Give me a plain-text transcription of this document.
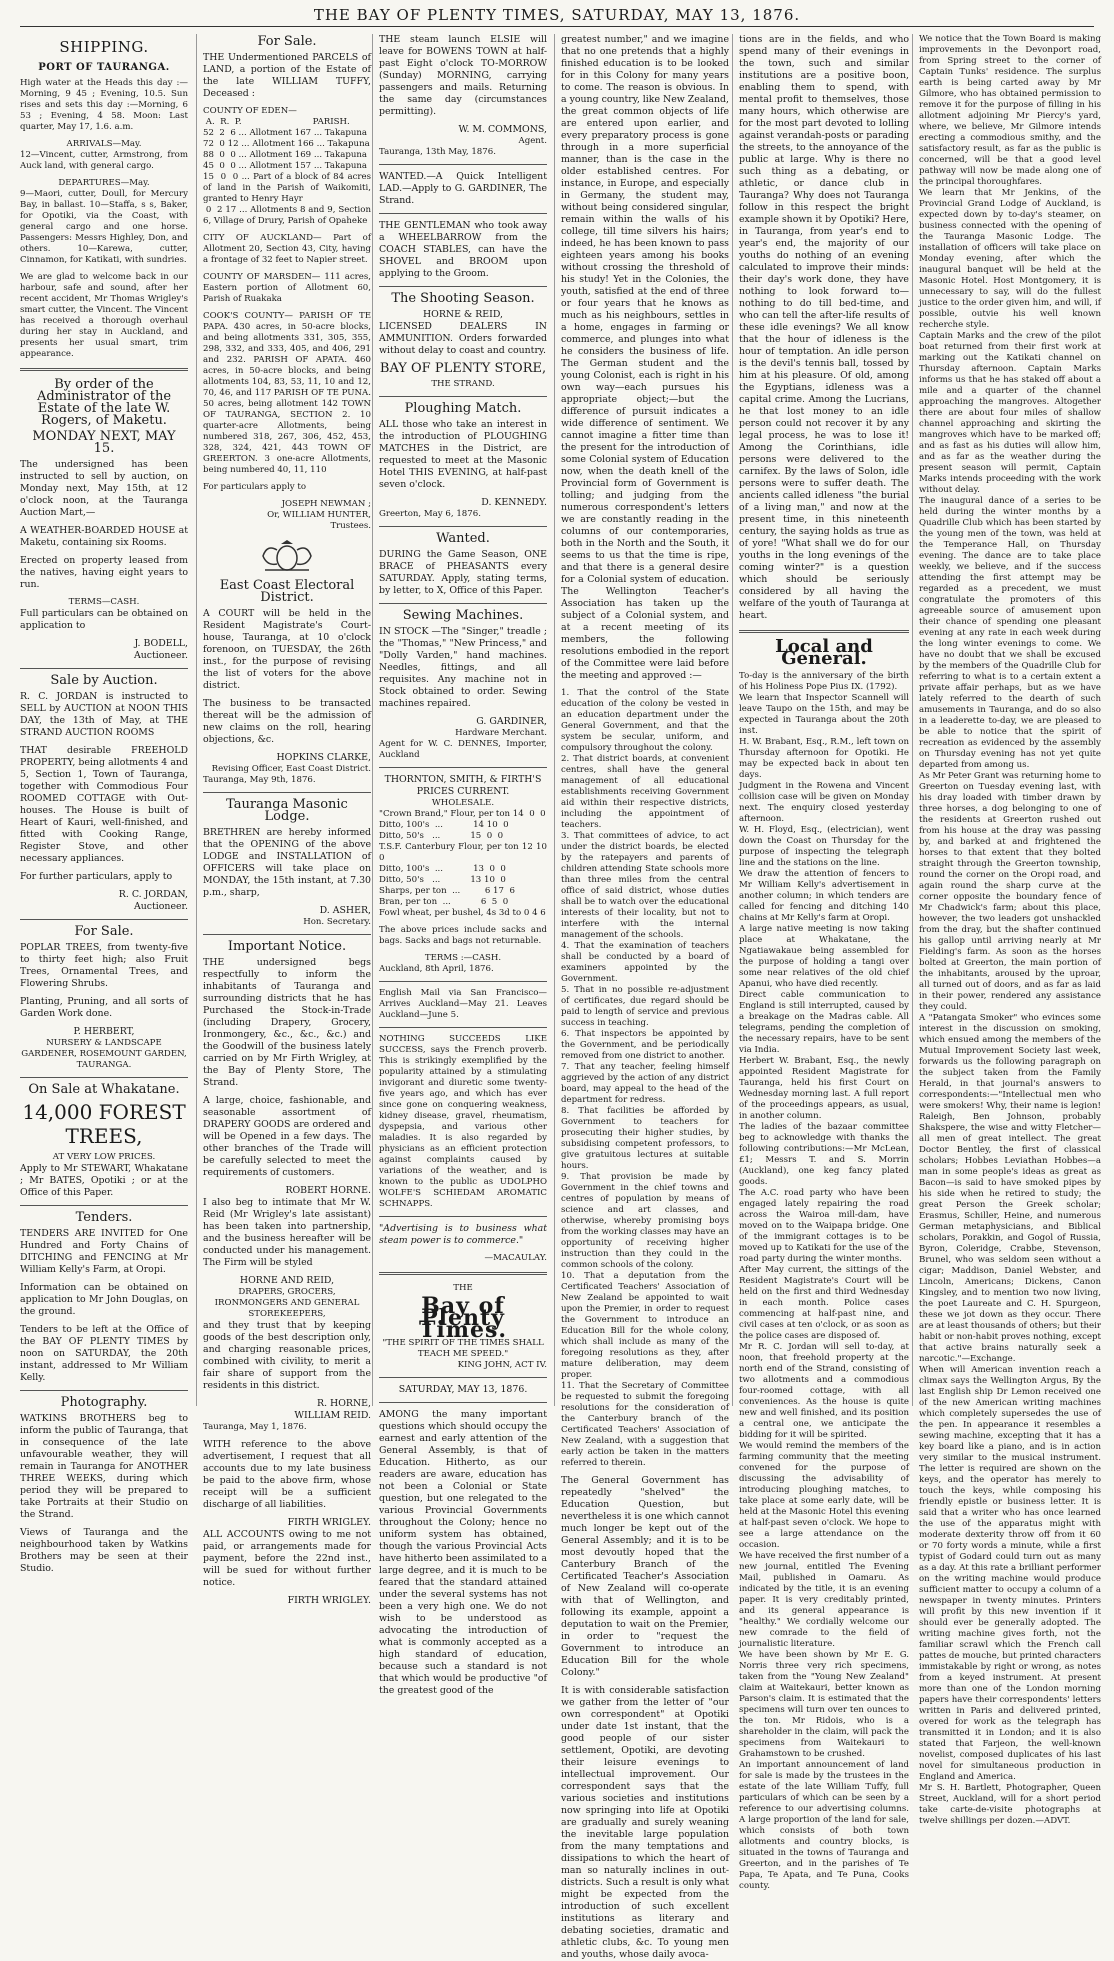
THE BAY OF PLENTY TIMES, SATURDAY, MAY 13, 1876.
SHIPPING.
PORT OF TAURANGA.

High water at the Heads this day :— Morning, 9 45 ; Evening, 10.5. Sun rises and sets this day :—Morning, 6 53 ; Evening, 4 58. Moon: Last quarter, May 17, 1.6. a.m.

ARRIVALS—May.

12—Vincent, cutter, Armstrong, from Auck land, with general cargo.

DEPARTURES—May.

9—Maori, cutter, Doull, for Mercury Bay, in ballast. 10—Staffa, s s, Baker, for Opotiki, via the Coast, with general cargo and one horse. Passengers: Messrs Highley, Don, and others. 10—Karewa, cutter, Cinnamon, for Katikati, with sundries.

We are glad to welcome back in our harbour, safe and sound, after her recent accident, Mr Thomas Wrigley's smart cutter, the Vincent. The Vincent has received a thorough overhaul during her stay in Auckland, and presents her usual smart, trim appearance.

By order of the Administrator of the Estate of the late W. Rogers, of Maketu.
MONDAY NEXT, MAY 15.

The undersigned has been instructed to sell by auction, on Monday next, May 15th, at 12 o'clock noon, at the Tauranga Auction Mart,—

A WEATHER-BOARDED HOUSE at Maketu, containing six Rooms.

Erected on property leased from the natives, having eight years to run.

TERMS—CASH.

Full particulars can be obtained on application to

J. BODELL,
Auctioneer.
Sale by Auction.

R. C. JORDAN is instructed to SELL by AUCTION at NOON THIS DAY, the 13th of May, at THE STRAND AUCTION ROOMS

THAT desirable FREEHOLD PROPERTY, being allotments 4 and 5, Section 1, Town of Tauranga, together with Commodious Four ROOMED COTTAGE with Out-houses. The House is built of Heart of Kauri, well-finished, and fitted with Cooking Range, Register Stove, and other necessary appliances.

For further particulars, apply to

R. C. JORDAN,
Auctioneer.
For Sale.

POPLAR TREES, from twenty-five to thirty feet high; also Fruit Trees, Ornamental Trees, and Flowering Shrubs.

Planting, Pruning, and all sorts of Garden Work done.

P. HERBERT,
NURSERY & LANDSCAPE GARDENER, ROSEMOUNT GARDEN, TAURANGA.
On Sale at Whakatane.
14,000 FOREST TREES,
AT VERY LOW PRICES.

Apply to Mr STEWART, Whakatane ; Mr BATES, Opotiki ; or at the Office of this Paper.

Tenders.

TENDERS ARE INVITED for One Hundred and Forty Chains of DITCHING and FENCING at Mr William Kelly's Farm, at Oropi.

Information can be obtained on application to Mr John Douglas, on the ground.

Tenders to be left at the Office of the BAY OF PLENTY TIMES by noon on SATURDAY, the 20th instant, addressed to Mr William Kelly.

Photography.

WATKINS BROTHERS beg to inform the public of Tauranga, that in consequence of the late unfavourable weather, they will remain in Tauranga for ANOTHER THREE WEEKS, during which period they will be prepared to take Portraits at their Studio on the Strand.

Views of Tauranga and the neighbourhood taken by Watkins Brothers may be seen at their Studio.

For Sale.

THE Undermentioned PARCELS of LAND, a portion of the Estate of the late WILLIAM TUFFY, Deceased :

COUNTY OF EDEN—
A.  R.  P.                          PARISH.
52  2  6 ... Allotment 167 ... Takapuna
72  0 12 ... Allotment 166 ... Takapuna
88  0  0 ... Allotment 169 ... Takapuna
45  0  0 ... Allotment 157 ... Takapuna
15  0  0 ... Part of a block of 84 acres of land in the Parish of Waikomiti, granted to Henry Hayr
0  2 17 ... Allotments 8 and 9, Section 6, Village of Drury, Parish of Opaheke

CITY OF AUCKLAND— Part of Allotment 20, Section 43, City, having a frontage of 32 feet to Napier street.

COUNTY OF MARSDEN— 111 acres, Eastern portion of Allotment 60, Parish of Ruakaka

COOK'S COUNTY— PARISH OF TE PAPA. 430 acres, in 50-acre blocks, and being allotments 331, 305, 355, 298, 332, and 333, 405, and 406, 291 and 232. PARISH OF APATA. 460 acres, in 50-acre blocks, and being allotments 104, 83, 53, 11, 10 and 12, 70, 46, and 117 PARISH OF TE PUNA. 50 acres, being allotment 142 TOWN OF TAURANGA, SECTION 2. 10 quarter-acre Allotments, being numbered 318, 267, 306, 452, 453, 328, 324, 421, 443 TOWN OF GREERTON. 3 one-acre Allotments, being numbered 40, 11, 110

For particulars apply to

JOSEPH NEWMAN ;
Or, WILLIAM HUNTER,
Trustees.
East Coast Electoral District.

A COURT will be held in the Resident Magistrate's Court-house, Tauranga, at 10 o'clock forenoon, on TUESDAY, the 26th inst., for the purpose of revising the list of voters for the above district.

The business to be transacted thereat will be the admission of new claims on the roll, hearing objections, &c.

HOPKINS CLARKE,
Revising Officer, East Coast District.

Tauranga, May 9th, 1876.

Tauranga Masonic Lodge.

BRETHREN are hereby informed that the OPENING of the above LODGE and INSTALLATION of OFFICERS will take place on MONDAY, the 15th instant, at 7.30 p.m., sharp,

D. ASHER,
Hon. Secretary.
Important Notice.

THE undersigned begs respectfully to inform the inhabitants of Tauranga and surrounding districts that he has Purchased the Stock-in-Trade (including Drapery, Grocery, Ironmongery, &c., &c., &c.) and the Goodwill of the business lately carried on by Mr Firth Wrigley, at the Bay of Plenty Store, The Strand.

A large, choice, fashionable, and seasonable assortment of DRAPERY GOODS are ordered and will be Opened in a few days. The other branches of the Trade will be carefully selected to meet the requirements of customers.

ROBERT HORNE.

I also beg to intimate that Mr W. Reid (Mr Wrigley's late assistant) has been taken into partnership, and the business hereafter will be conducted under his management. The Firm will be styled

HORNE AND REID,
DRAPERS, GROCERS, IRONMONGERS AND GENERAL STOREKEEPERS,

and they trust that by keeping goods of the best description only, and charging reasonable prices, combined with civility, to merit a fair share of support from the residents in this district.

R. HORNE,
WILLIAM REID.

Tauranga, May 1, 1876.

WITH reference to the above advertisement, I request that all accounts due to my late business be paid to the above firm, whose receipt will be a sufficient discharge of all liabilities.

FIRTH WRIGLEY.

ALL ACCOUNTS owing to me not paid, or arrangements made for payment, before the 22nd inst., will be sued for without further notice.

FIRTH WRIGLEY.

THE steam launch ELSIE will leave for BOWENS TOWN at half-past Eight o'clock TO-MORROW (Sunday) MORNING, carrying passengers and mails. Returning the same day (circumstances permitting).

W. M. COMMONS,
Agent.

Tauranga, 13th May, 1876.

WANTED.—A Quick Intelligent LAD.—Apply to G. GARDINER, The Strand.

THE GENTLEMAN who took away a WHEELBARROW from the COACH STABLES, can have the SHOVEL and BROOM upon applying to the Groom.

The Shooting Season.
HORNE & REID,

LICENSED DEALERS IN AMMUNITION. Orders forwarded without delay to coast and country.

BAY OF PLENTY STORE,
THE STRAND.
Ploughing Match.

ALL those who take an interest in the introduction of PLOUGHING MATCHES in the District, are requested to meet at the Masonic Hotel THIS EVENING, at half-past seven o'clock.

D. KENNEDY.

Greerton, May 6, 1876.

Wanted.

DURING the Game Season, ONE BRACE of PHEASANTS every SATURDAY. Apply, stating terms, by letter, to X, Office of this Paper.

Sewing Machines.

IN STOCK —The "Singer," treadle ; the "Thomas," "New Princess," and "Dolly Varden," hand machines. Needles, fittings, and all requisites. Any machine not in Stock obtained to order. Sewing machines repaired.

G. GARDINER,
Hardware Merchant.

Agent for W. C. DENNES, Importer, Auckland

THORNTON, SMITH, & FIRTH'S PRICES CURRENT.
WHOLESALE.
"Crown Brand," Flour, per ton 14  0  0
Ditto, 100's  ...           14 10  0
Ditto, 50's   ...           15  0  0
T.S.F. Canterbury Flour, per ton 12 10 0
Ditto, 100's  ...           13  0  0
Ditto, 50's   ...           13 10  0
Sharps, per ton  ...         6 17  6
Bran, per ton  ...           6  5  0
Fowl wheat, per bushel, 4s 3d to 0 4 6

The above prices include sacks and bags. Sacks and bags not returnable.

TERMS :—CASH.

Auckland, 8th April, 1876.

English Mail via San Francisco— Arrives Auckland—May 21. Leaves Auckland—June 5.

NOTHING SUCCEEDS LIKE SUCCESS, says the French proverb. This is strikingly exemplified by the popularity attained by a stimulating invigorant and diuretic some twenty-five years ago, and which has ever since gone on conquering weakness, kidney disease, gravel, rheumatism, dyspepsia, and various other maladies. It is also regarded by physicians as an efficient protection against complaints caused by variations of the weather, and is known to the public as UDOLPHO WOLFE'S SCHIEDAM AROMATIC SCHNAPPS.

"Advertising is to business what steam power is to commerce."

—MACAULAY.
THE
Bay of Plenty Times.
"THE SPIRIT OF THE TIMES SHALL TEACH ME SPEED."
KING JOHN, ACT IV.
SATURDAY, MAY 13, 1876.

AMONG the many important questions which should occupy the earnest and early attention of the General Assembly, is that of Education. Hitherto, as our readers are aware, education has not been a Colonial or State question, but one relegated to the various Provincial Governments throughout the Colony; hence no uniform system has obtained, though the various Provincial Acts have hitherto been assimilated to a large degree, and it is much to be feared that the standard attained under the several systems has not been a very high one. We do not wish to be understood as advocating the introduction of what is commonly accepted as a high standard of education, because such a standard is not that which would be productive "of the greatest good of the

greatest number," and we imagine that no one pretends that a highly finished education is to be looked for in this Colony for many years to come. The reason is obvious. In a young country, like New Zealand, the great common objects of life are entered upon earlier, and every preparatory process is gone through in a more superficial manner, than is the case in the older established centres. For instance, in Europe, and especially in Germany, the student may, without being considered singular, remain within the walls of his college, till time silvers his hairs; indeed, he has been known to pass eighteen years among his books without crossing the threshold of his study! Yet in the Colonies, the youth, satisfied at the end of three or four years that he knows as much as his neighbours, settles in a home, engages in farming or commerce, and plunges into what he considers the business of life. The German student and the young Colonist, each is right in his own way—each pursues his appropriate object;—but the difference of pursuit indicates a wide difference of sentiment. We cannot imagine a fitter time than the present for the introduction of some Colonial system of Education now, when the death knell of the Provincial form of Government is tolling; and judging from the numerous correspondent's letters we are constantly reading in the columns of our contemporaries, both in the North and the South, it seems to us that the time is ripe, and that there is a general desire for a Colonial system of education. The Wellington Teacher's Association has taken up the subject of a Colonial system, and at a recent meeting of its members, the following resolutions embodied in the report of the Committee were laid before the meeting and approved :—

1. That the control of the State education of the colony be vested in an education department under the General Government, and that the system be secular, uniform, and compulsory throughout the colony.
2. That district boards, at convenient centres, shall have the general management of all educational establishments receiving Government aid within their respective districts, including the appointment of teachers.
3. That committees of advice, to act under the district boards, be elected by the ratepayers and parents of children attending State schools more than three miles from the central office of said district, whose duties shall be to watch over the educational interests of their locality, but not to interfere with the internal management of the schools.
4. That the examination of teachers shall be conducted by a board of examiners appointed by the Government.
5. That in no possible re-adjustment of certificates, due regard should be paid to length of service and previous success in teaching.
6. That inspectors be appointed by the Government, and be periodically removed from one district to another.
7. That any teacher, feeling himself aggrieved by the action of any district board, may appeal to the head of the department for redress.
8. That facilities be afforded by Government to teachers for prosecuting their higher studies, by subsidising competent professors, to give gratuitous lectures at suitable hours.
9. That provision be made by Government in the chief towns and centres of population by means of science and art classes, and otherwise, whereby promising boys from the working classes may have an opportunity of receiving higher instruction than they could in the common schools of the colony.
10. That a deputation from the Certificated Teachers' Association of New Zealand be appointed to wait upon the Premier, in order to request the Government to introduce an Education Bill for the whole colony, which shall include as many of the foregoing resolutions as they, after mature deliberation, may deem proper.
11. That the Secretary of Committee be requested to submit the foregoing resolutions for the consideration of the Canterbury branch of the Certificated Teachers' Association of New Zealand, with a suggestion that early action be taken in the matters referred to therein.

The General Government has repeatedly "shelved" the Education Question, but nevertheless it is one which cannot much longer be kept out of the General Assembly; and it is to be most devoutly hoped that the Canterbury Branch of the Certificated Teacher's Association of New Zealand will co-operate with that of Wellington, and following its example, appoint a deputation to wait on the Premier, in order to "request the Government to introduce an Education Bill for the whole Colony."

It is with considerable satisfaction we gather from the letter of "our own correspondent" at Opotiki under date 1st instant, that the good people of our sister settlement, Opotiki, are devoting their leisure evenings to intellectual improvement. Our correspondent says that the various societies and institutions now springing into life at Opotiki are gradually and surely weaning the inevitable large population from the many temptations and dissipations to which the heart of man so naturally inclines in out-districts. Such a result is only what might be expected from the introduction of such excellent institutions as literary and debating societies, dramatic and athletic clubs, &c. To young men and youths, whose daily avoca-

tions are in the fields, and who spend many of their evenings in the town, such and similar institutions are a positive boon, enabling them to spend, with mental profit to themselves, those many hours, which otherwise are for the most part devoted to lolling against verandah-posts or parading the streets, to the annoyance of the public at large. Why is there no such thing as a debating, or athletic, or dance club in Tauranga? Why does not Tauranga follow in this respect the bright example shown it by Opotiki? Here, in Tauranga, from year's end to year's end, the majority of our youths do nothing of an evening calculated to improve their minds: their day's work done, they have nothing to look forward to—nothing to do till bed-time, and who can tell the after-life results of these idle evenings? We all know that the hour of idleness is the hour of temptation. An idle person is the devil's tennis ball, tossed by him at his pleasure. Of old, among the Egyptians, idleness was a capital crime. Among the Lucrians, he that lost money to an idle person could not recover it by any legal process, he was to lose it! Among the Corinthians, idle persons were delivered to the carnifex. By the laws of Solon, idle persons were to suffer death. The ancients called idleness "the burial of a living man," and now at the present time, in this nineteenth century, the saying holds as true as of yore! "What shall we do for our youths in the long evenings of the coming winter?" is a question which should be seriously considered by all having the welfare of the youth of Tauranga at heart.

Local and General.
To-day is the anniversary of the birth of his Holiness Pope Pius IX. (1792).
We learn that Inspector Scannell will leave Taupo on the 15th, and may be expected in Tauranga about the 20th inst.
H. W. Brabant, Esq., R.M., left town on Thursday afternoon for Opotiki. He may be expected back in about ten days.
Judgment in the Rowena and Vincent collision case will be given on Monday next. The enquiry closed yesterday afternoon.
W. H. Floyd, Esq., (electrician), went down the Coast on Thursday for the purpose of inspecting the telegraph line and the stations on the line.
We draw the attention of fencers to Mr William Kelly's advertisement in another column; in which tenders are called for fencing and ditching 140 chains at Mr Kelly's farm at Oropi.
A large native meeting is now taking place at Whakatane, the Ngatiawakaue being assembled for the purpose of holding a tangi over some near relatives of the old chief Apanui, who have died recently.
Direct cable communication to England is still interrupted, caused by a breakage on the Madras cable. All telegrams, pending the completion of the necessary repairs, have to be sent via India.
Herbert W. Brabant, Esq., the newly appointed Resident Magistrate for Tauranga, held his first Court on Wednesday morning last. A full report of the proceedings appears, as usual, in another column.
The ladies of the bazaar committee beg to acknowledge with thanks the following contributions:—Mr McLean, £1; Messrs T. and S. Morrin (Auckland), one keg fancy plated goods.
The A.C. road party who have been engaged lately repairing the road across the Wairoa mill-dam, have moved on to the Waipapa bridge. One of the immigrant cottages is to be moved up to Katikati for the use of the road party during the winter months.
After May current, the sittings of the Resident Magistrate's Court will be held on the first and third Wednesday in each month. Police cases commencing at half-past nine, and civil cases at ten o'clock, or as soon as the police cases are disposed of.
Mr R. C. Jordan will sell to-day, at noon, that freehold property at the north end of the Strand, consisting of two allotments and a commodious four-roomed cottage, with all conveniences. As the house is quite new and well finished, and its position a central one, we anticipate the bidding for it will be spirited.
We would remind the members of the farming community that the meeting convened for the purpose of discussing the advisability of introducing ploughing matches, to take place at some early date, will be held at the Masonic Hotel this evening at half-past seven o'clock. We hope to see a large attendance on the occasion.
We have received the first number of a new journal, entitled The Evening Mail, published in Oamaru. As indicated by the title, it is an evening paper. It is very creditably printed, and its general appearance is "healthy." We cordially welcome our new comrade to the field of journalistic literature.
We have been shown by Mr E. G. Norris three very rich specimens, taken from the "Young New Zealand" claim at Waitekauri, better known as Parson's claim. It is estimated that the specimens will turn over ten ounces to the ton. Mr Ridois, who is a shareholder in the claim, will pack the specimens from Waitekauri to Grahamstown to be crushed.
An important announcement of land for sale is made by the trustees in the estate of the late William Tuffy, full particulars of which can be seen by a reference to our advertising columns. A large proportion of the land for sale, which consists of both town allotments and country blocks, is situated in the towns of Tauranga and Greerton, and in the parishes of Te Papa, Te Apata, and Te Puna, Cooks county.
We notice that the Town Board is making improvements in the Devonport road, from Spring street to the corner of Captain Tunks' residence. The surplus earth is being carted away by Mr Gilmore, who has obtained permission to remove it for the purpose of filling in his allotment adjoining Mr Piercy's yard, where, we believe, Mr Gilmore intends erecting a commodious smithy, and the satisfactory result, as far as the public is concerned, will be that a good level pathway will now be made along one of the principal thoroughfares.
We learn that Mr Jenkins, of the Provincial Grand Lodge of Auckland, is expected down by to-day's steamer, on business connected with the opening of the Tauranga Masonic Lodge. The installation of officers will take place on Monday evening, after which the inaugural banquet will be held at the Masonic Hotel. Host Montgomery, it is unnecessary to say, will do the fullest justice to the order given him, and will, if possible, outvie his well known recherche style.
Captain Marks and the crew of the pilot boat returned from their first work at marking out the Katikati channel on Thursday afternoon. Captain Marks informs us that he has staked off about a mile and a quarter of the channel approaching the mangroves. Altogether there are about four miles of shallow channel approaching and skirting the mangroves which have to be marked off; and as fast as his duties will allow him, and as far as the weather during the present season will permit, Captain Marks intends proceeding with the work without delay.
The inaugural dance of a series to be held during the winter months by a Quadrille Club which has been started by the young men of the town, was held at the Temperance Hall, on Thursday evening. The dance are to take place weekly, we believe, and if the success attending the first attempt may be regarded as a precedent, we must congratulate the promoters of this agreeable source of amusement upon their chance of spending one pleasant evening at any rate in each week during the long winter evenings to come. We have no doubt that we shall be excused by the members of the Quadrille Club for referring to what is to a certain extent a private affair perhaps, but as we have lately referred to the dearth of such amusements in Tauranga, and do so also in a leaderette to-day, we are pleased to be able to notice that the spirit of recreation as evidenced by the assembly on Thursday evening has not yet quite departed from among us.
As Mr Peter Grant was returning home to Greerton on Tuesday evening last, with his dray loaded with timber drawn by three horses, a dog belonging to one of the residents at Greerton rushed out from his house at the dray was passing by, and barked at and frightened the horses to that extent that they bolted straight through the Greerton township, round the corner on the Oropi road, and again round the sharp curve at the corner opposite the boundary fence of Mr Chadwick's farm; about this place, however, the two leaders got unshackled from the dray, but the shafter continued his gallop until arriving nearly at Mr Fielding's farm. As soon as the horses bolted at Greerton, the main portion of the inhabitants, aroused by the uproar, all turned out of doors, and as far as laid in their power, rendered any assistance they could.
A "Patangata Smoker" who evinces some interest in the discussion on smoking, which ensued among the members of the Mutual Improvement Society last week, forwards us the following paragraph on the subject taken from the Family Herald, in that journal's answers to correspondents:—"Intellectual men who were smokers! Why, their name is legion! Raleigh, Ben Johnson, probably Shakspere, the wise and witty Fletcher—all men of great intellect. The great Doctor Bentley, the first of classical scholars; Hobbes Leviathan Hobbes—a man in some people's ideas as great as Bacon—is said to have smoked pipes by his side when he retired to study; the great Person the Greek scholar; Erasmus, Schiller, Heine, and numerous German metaphysicians, and Biblical scholars, Porakkin, and Gogol of Russia, Byron, Coleridge, Crabbe, Stevenson, Brunel, who was seldom seen without a cigar; Maddison, Daniel Webster, and Lincoln, Americans; Dickens, Canon Kingsley, and to mention two now living, the poet Laureate and C. H. Spurgeon, these we jot down as they occur. There are at least thousands of others; but their habit or non-habit proves nothing, except that active brains naturally seek a narcotic."—Exchange.
When will American invention reach a climax says the Wellington Argus, By the last English ship Dr Lemon received one of the new American writing machines which completely supersedes the use of the pen. In appearance it resembles a sewing machine, excepting that it has a key board like a piano, and is in action very similar to the musical instrument. The letter is required are shown on the keys, and the operator has merely to touch the keys, while composing his friendly epistle or business letter. It is said that a writer who has once learned the use of the apparatus might with moderate dexterity throw off from it 60 or 70 forty words a minute, while a first typist of Godard could turn out as many as a day. At this rate a brilliant performer on the writing machine would produce sufficient matter to occupy a column of a newspaper in twenty minutes. Printers will profit by this new invention if it should ever be generally adopted. The writing machine gives forth, not the familiar scrawl which the French call pattes de mouche, but printed characters immistakable by right or wrong, as notes from a keyed instrument. At present more than one of the London morning papers have their correspondents' letters written in Paris and delivered printed, overed for work as the telegraph has transmitted it in London; and it is also stated that Farjeon, the well-known novelist, composed duplicates of his last novel for simultaneous production in England and America.
Mr S. H. Bartlett, Photographer, Queen Street, Auckland, will for a short period take carte-de-visite photographs at twelve shillings per dozen.—ADVT.
